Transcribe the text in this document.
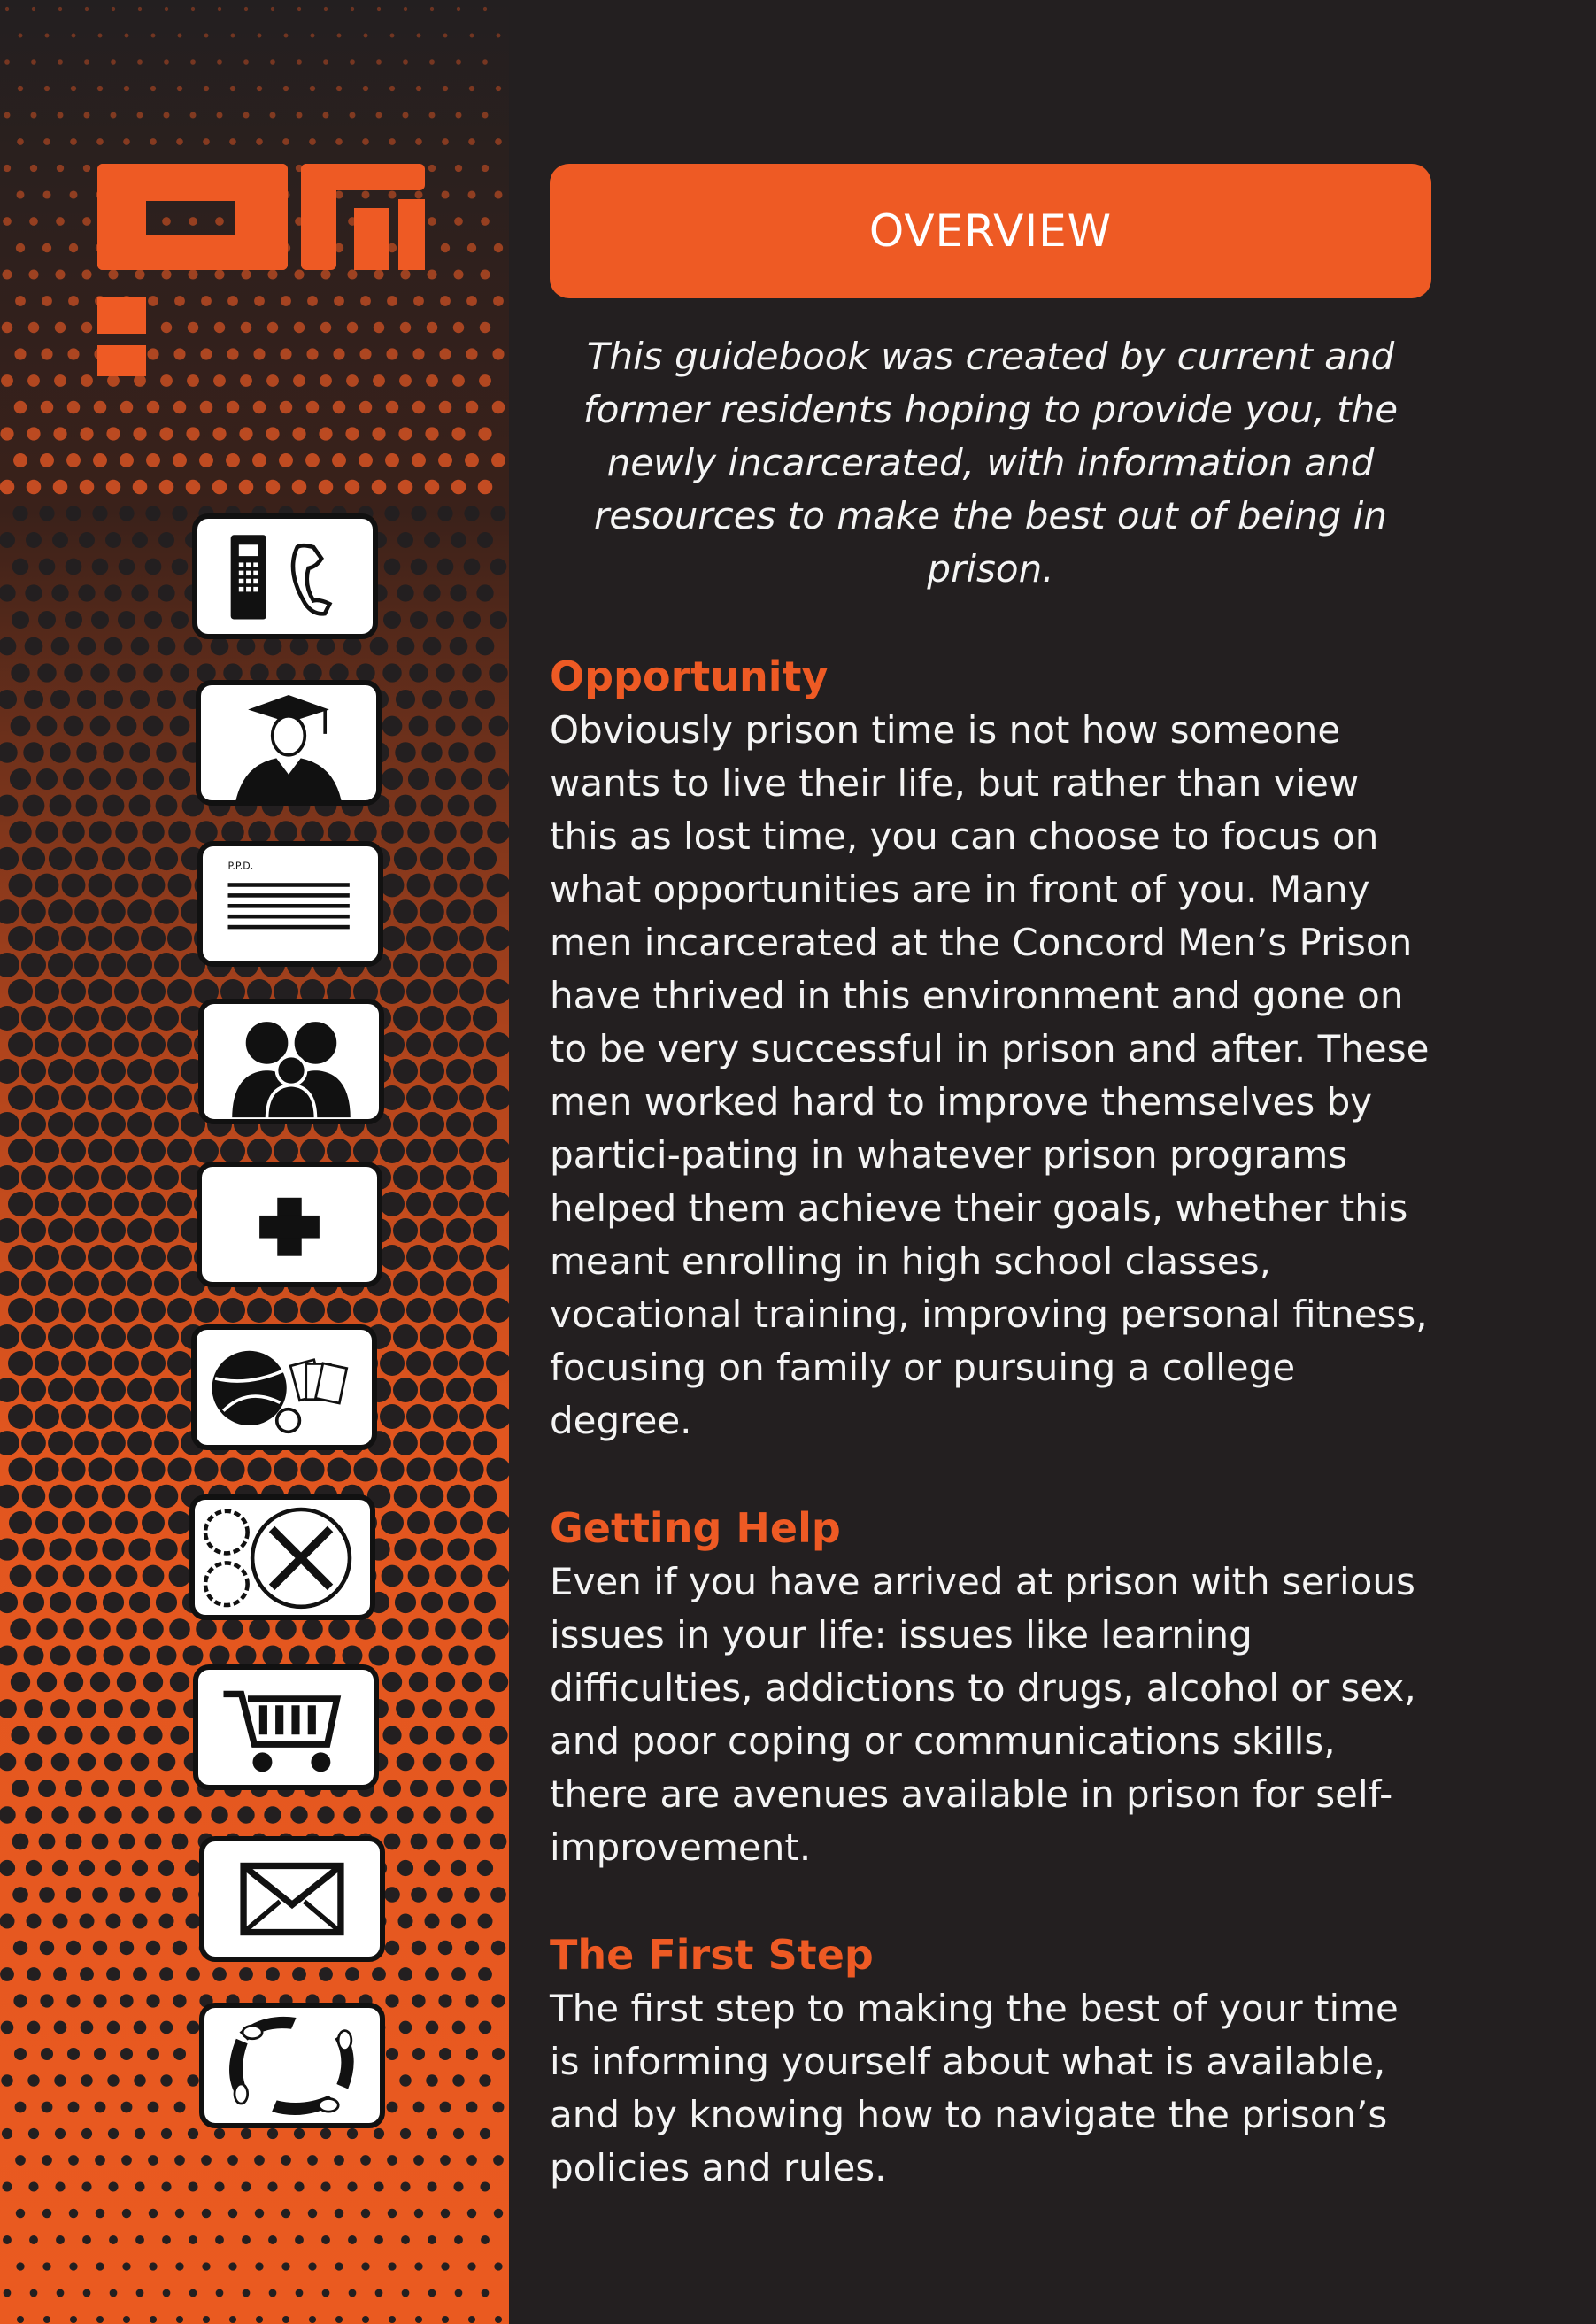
P.P.D.
OVERVIEW

This guidebook was created by current and former residents hoping to provide you, the newly incarcerated, with information and resources to make the best out of being in prison.

Opportunity

Obviously prison time is not how someone wants to live their life, but rather than view this as lost time, you can choose to focus on what opportunities are in front of you. Many men incarcerated at the Concord Men’s Prison have thrived in this environment and gone on to be very successful in prison and after. These men worked hard to improve themselves by partici-pating in whatever prison programs helped them achieve their goals, whether this meant enrolling in high school classes, vocational training, improving personal fitness, focusing on family or pursuing a college degree.

Getting Help

Even if you have arrived at prison with serious issues in your life: issues like learning difficulties, addictions to drugs, alcohol or sex, and poor coping or communications skills, there are avenues available in prison for self-improvement.

The First Step

The first step to making the best of your time is informing yourself about what is available, and by knowing how to navigate the prison’s policies and rules.
